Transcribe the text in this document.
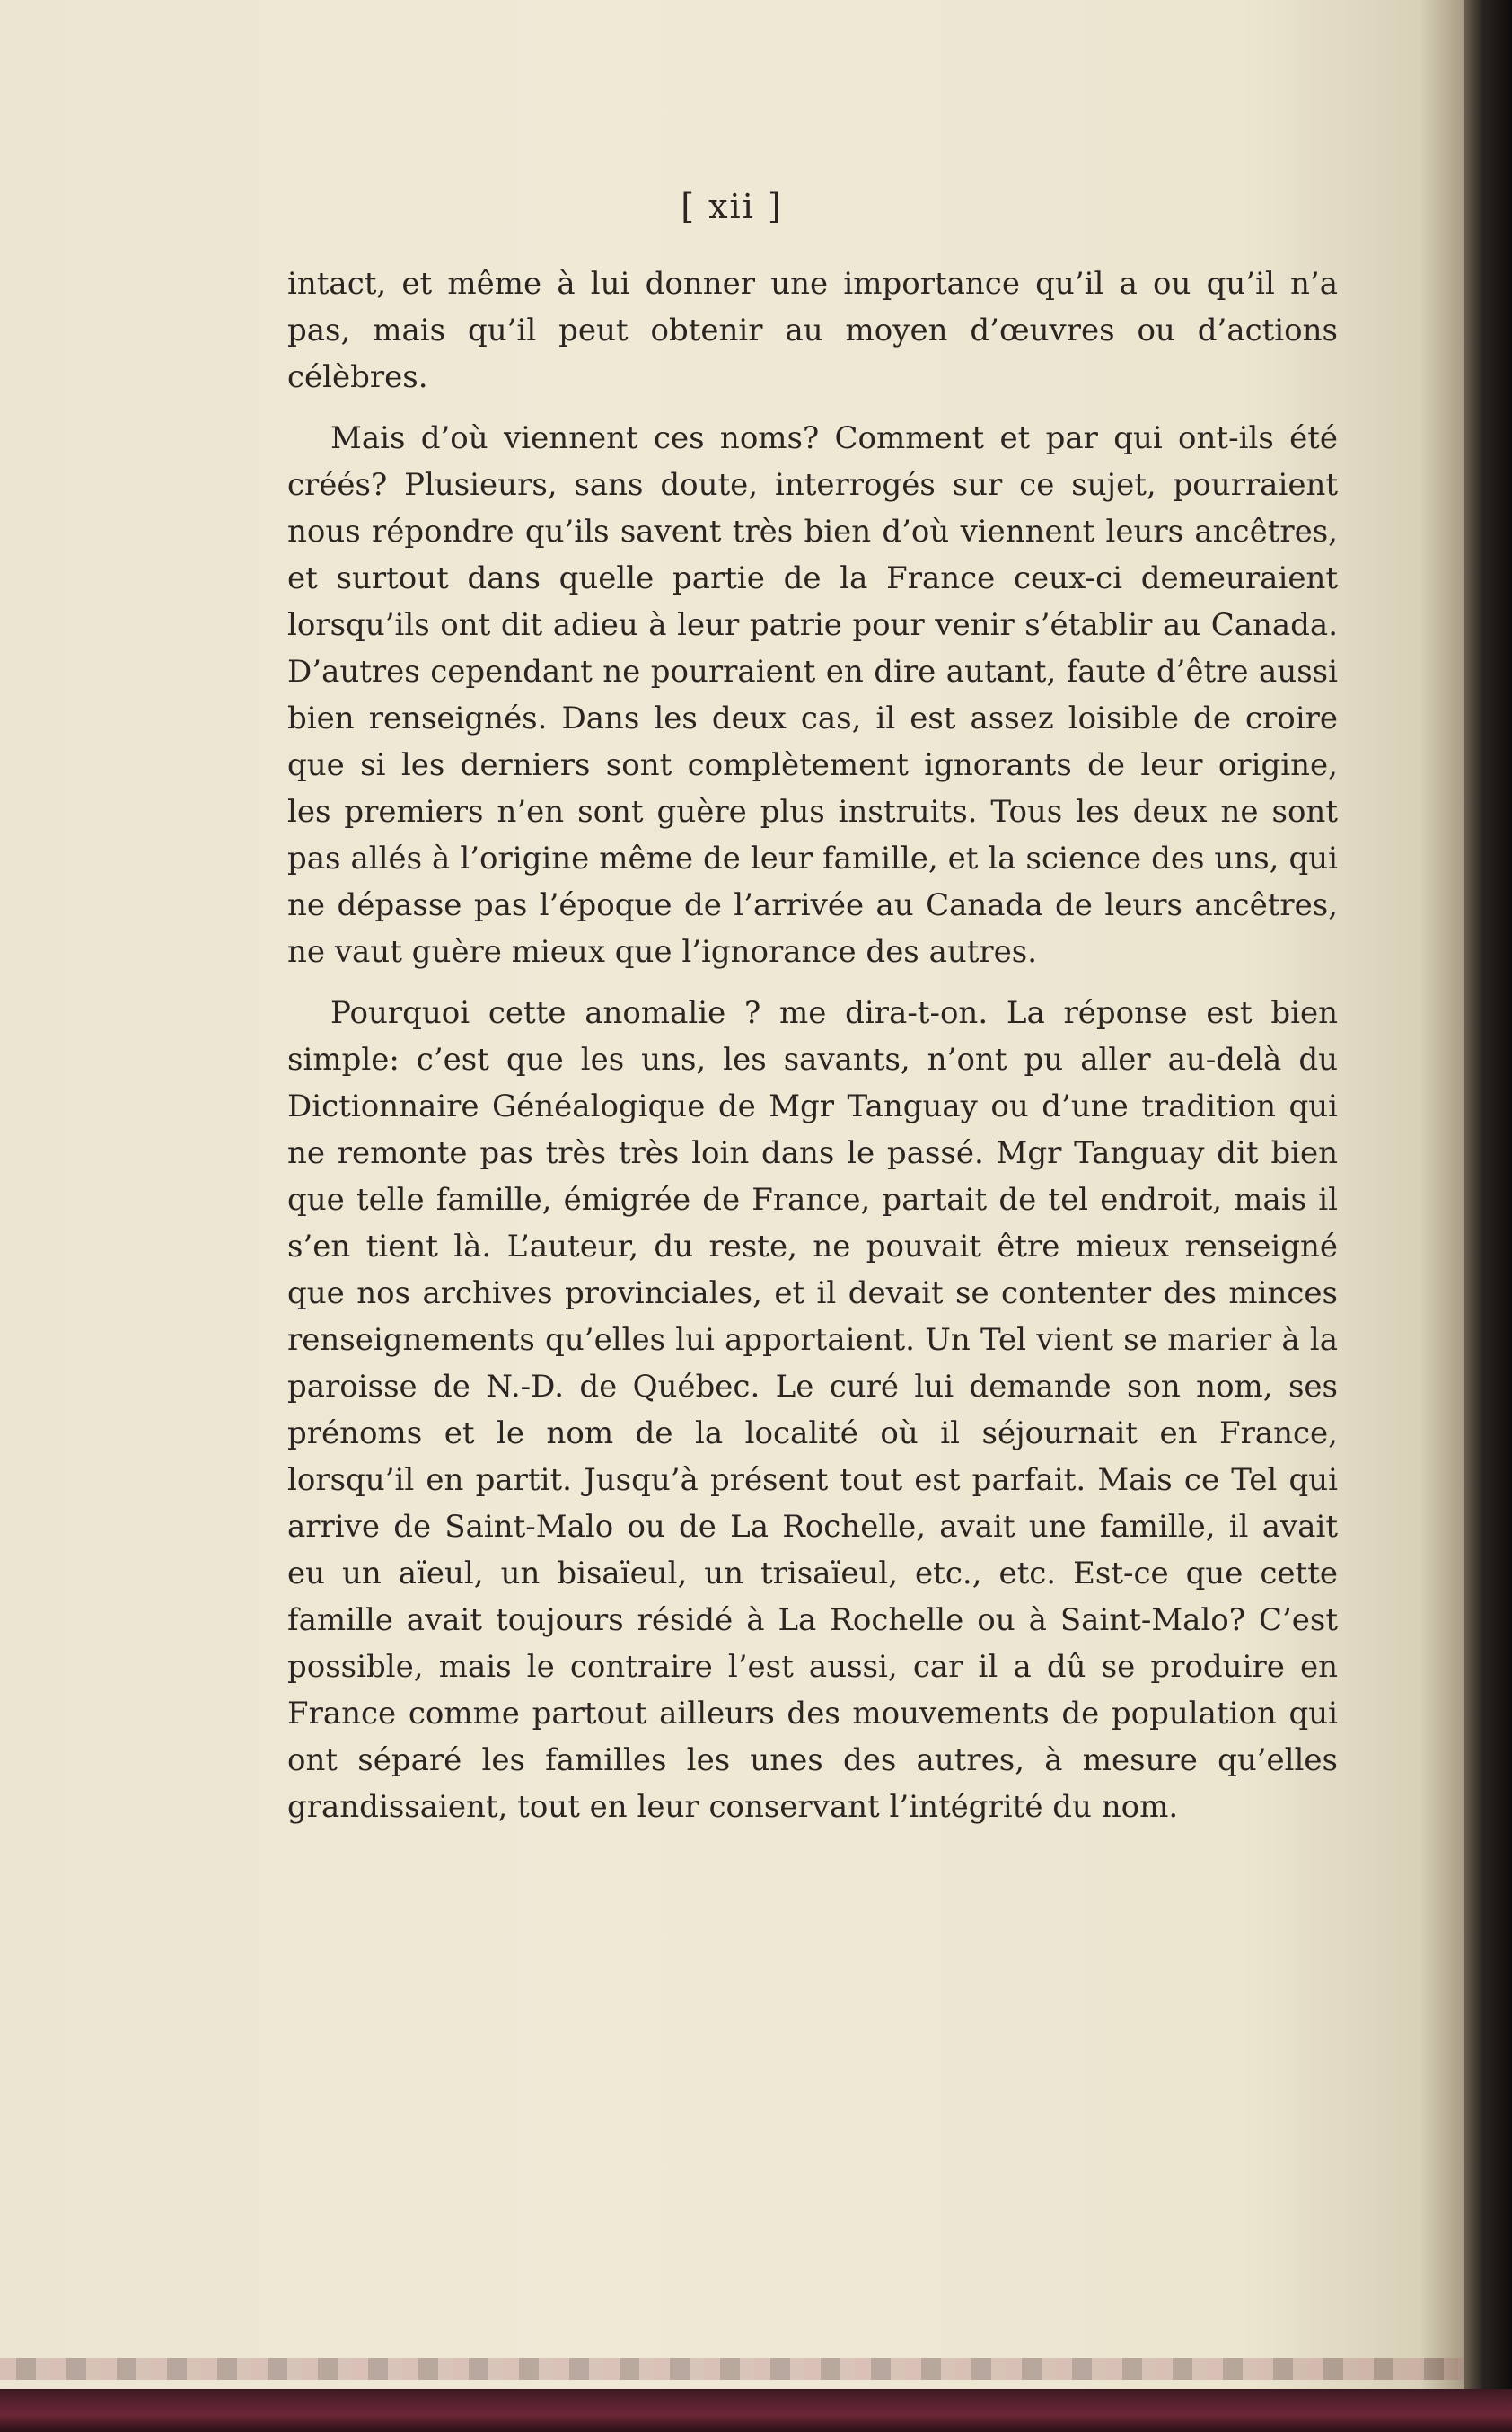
[ xii ]

intact, et même à lui donner une importance qu’il a ou qu’il n’a pas, mais qu’il peut obtenir au moyen d’œuvres ou d’actions célèbres.

Mais d’où viennent ces noms? Comment et par qui ont-ils été créés? Plusieurs, sans doute, interrogés sur ce sujet, pourraient nous répondre qu’ils savent très bien d’où viennent leurs ancêtres, et surtout dans quelle partie de la France ceux-ci demeuraient lorsqu’ils ont dit adieu à leur patrie pour venir s’établir au Canada. D’autres cependant ne pourraient en dire autant, faute d’être aussi bien renseignés. Dans les deux cas, il est assez loisible de croire que si les derniers sont complètement ignorants de leur origine, les premiers n’en sont guère plus instruits. Tous les deux ne sont pas allés à l’origine même de leur famille, et la science des uns, qui ne dépasse pas l’époque de l’arrivée au Canada de leurs ancêtres, ne vaut guère mieux que l’ignorance des autres.

Pourquoi cette anomalie ? me dira-t-on. La réponse est bien simple: c’est que les uns, les savants, n’ont pu aller au-delà du Dictionnaire Généalogique de Mgr Tanguay ou d’une tradition qui ne remonte pas très très loin dans le passé. Mgr Tanguay dit bien que telle famille, émigrée de France, partait de tel endroit, mais il s’en tient là. L’auteur, du reste, ne pouvait être mieux renseigné que nos archives provinciales, et il devait se contenter des minces renseignements qu’elles lui apportaient. Un Tel vient se marier à la paroisse de N.-D. de Québec. Le curé lui demande son nom, ses prénoms et le nom de la localité où il séjournait en France, lorsqu’il en partit. Jusqu’à présent tout est parfait. Mais ce Tel qui arrive de Saint-Malo ou de La Rochelle, avait une famille, il avait eu un aïeul, un bisaïeul, un trisaïeul, etc., etc. Est-ce que cette famille avait toujours résidé à La Rochelle ou à Saint-Malo? C’est possible, mais le contraire l’est aussi, car il a dû se produire en France comme partout ailleurs des mouvements de population qui ont séparé les familles les unes des autres, à mesure qu’elles grandissaient, tout en leur conservant l’intégrité du nom.
